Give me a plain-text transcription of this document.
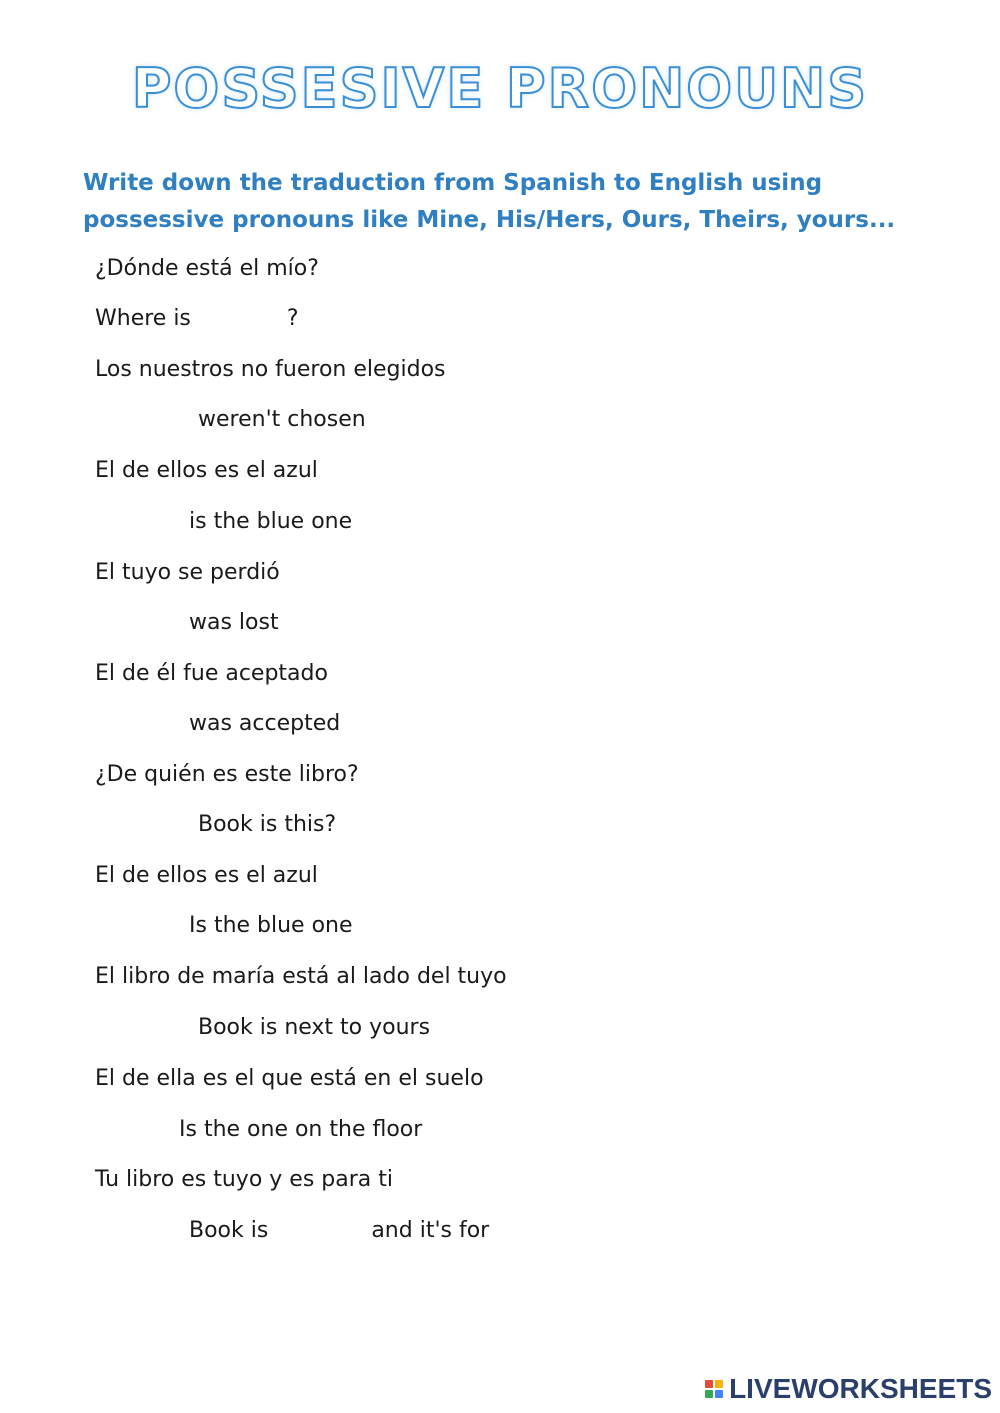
POSSESIVE PRONOUNS
Write down the traduction from Spanish to English using possessive pronouns like Mine, His/Hers, Ours, Theirs, yours...
¿Dónde está el mío?
Where is	?
Los nuestros no fueron elegidos
weren't chosen
El de ellos es el azul
is the blue one
El tuyo se perdió
was lost
El de él fue aceptado
was accepted
¿De quién es este libro?
Book is this?
El de ellos es el azul
Is the blue one
El libro de maría está al lado del tuyo
Book is next to yours
El de ella es el que está en el suelo
Is the one on the floor
Tu libro es tuyo y es para ti
Book is	and it's for
LIVEWORKSHEETS
